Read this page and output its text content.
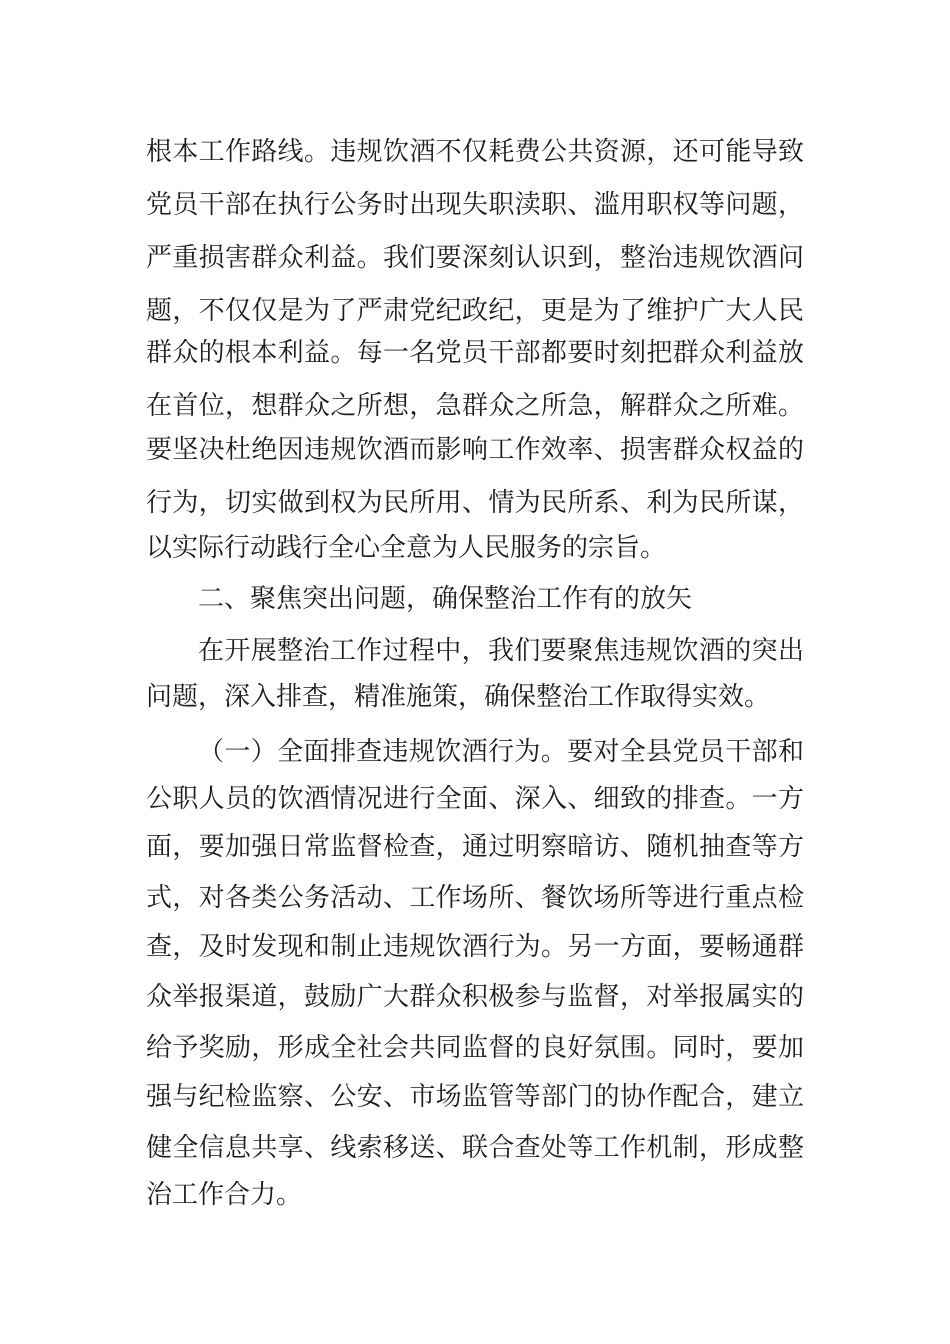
根本工作路线。违规饮酒不仅耗费公共资源，还可能导致
党员干部在执行公务时出现失职渎职、滥用职权等问题，
严重损害群众利益。我们要深刻认识到，整治违规饮酒问
题，不仅仅是为了严肃党纪政纪，更是为了维护广大人民
群众的根本利益。每一名党员干部都要时刻把群众利益放
在首位，想群众之所想，急群众之所急，解群众之所难。
要坚决杜绝因违规饮酒而影响工作效率、损害群众权益的
行为，切实做到权为民所用、情为民所系、利为民所谋，
以实际行动践行全心全意为人民服务的宗旨。
二、聚焦突出问题，确保整治工作有的放矢
在开展整治工作过程中，我们要聚焦违规饮酒的突出
问题，深入排查，精准施策，确保整治工作取得实效。
（一）全面排查违规饮酒行为。要对全县党员干部和
公职人员的饮酒情况进行全面、深入、细致的排查。一方
面，要加强日常监督检查，通过明察暗访、随机抽查等方
式，对各类公务活动、工作场所、餐饮场所等进行重点检
查，及时发现和制止违规饮酒行为。另一方面，要畅通群
众举报渠道，鼓励广大群众积极参与监督，对举报属实的
给予奖励，形成全社会共同监督的良好氛围。同时，要加
强与纪检监察、公安、市场监管等部门的协作配合，建立
健全信息共享、线索移送、联合查处等工作机制，形成整
治工作合力。
